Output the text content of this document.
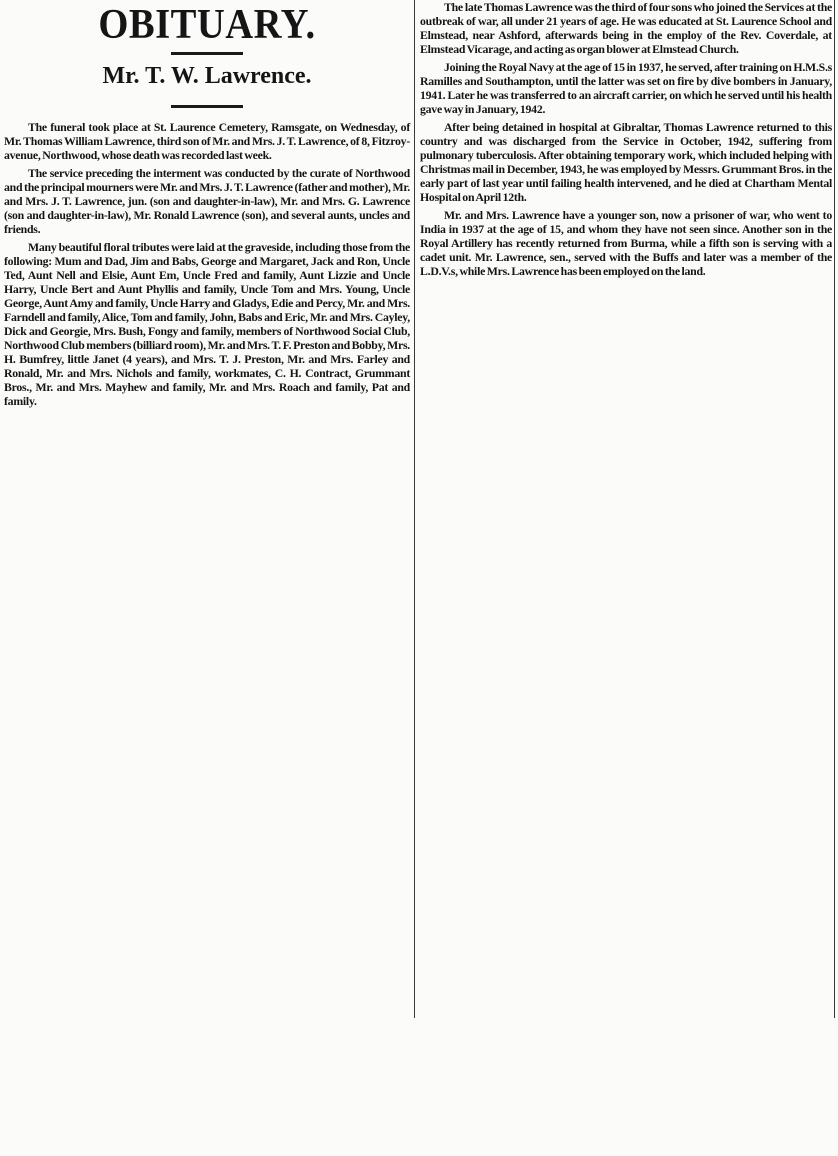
OBITUARY.
Mr. T. W. Lawrence.

The funeral took place at St. Laurence Cemetery, Ramsgate, on Wednesday, of Mr. Thomas William Lawrence, third son of Mr. and Mrs. J. T. Lawrence, of 8, Fitzroy-avenue, Northwood, whose death was recorded last week.

The service preceding the interment was conducted by the curate of Northwood and the principal mourners were Mr. and Mrs. J. T. Lawrence (father and mother), Mr. and Mrs. J. T. Lawrence, jun. (son and daughter-in-law), Mr. and Mrs. G. Lawrence (son and daughter-in-law), Mr. Ronald Lawrence (son), and several aunts, uncles and friends.

Many beautiful floral tributes were laid at the graveside, including those from the following: Mum and Dad, Jim and Babs, George and Margaret, Jack and Ron, Uncle Ted, Aunt Nell and Elsie, Aunt Em, Uncle Fred and family, Aunt Lizzie and Uncle Harry, Uncle Bert and Aunt Phyllis and family, Uncle Tom and Mrs. Young, Uncle George, Aunt Amy and family, Uncle Harry and Gladys, Edie and Percy, Mr. and Mrs. Farndell and family, Alice, Tom and family, John, Babs and Eric, Mr. and Mrs. Cayley, Dick and Georgie, Mrs. Bush, Fongy and family, members of Northwood Social Club, Northwood Club members (billiard room), Mr. and Mrs. T. F. Preston and Bobby, Mrs. H. Bumfrey, little Janet (4 years), and Mrs. T. J. Preston, Mr. and Mrs. Farley and Ronald, Mr. and Mrs. Nichols and family, workmates, C. H. Contract, Grummant Bros., Mr. and Mrs. Mayhew and family, Mr. and Mrs. Roach and family, Pat and family.

The late Thomas Lawrence was the third of four sons who joined the Services at the outbreak of war, all under 21 years of age. He was educated at St. Laurence School and Elmstead, near Ashford, afterwards being in the employ of the Rev. Coverdale, at Elmstead Vicarage, and acting as organ blower at Elmstead Church.

Joining the Royal Navy at the age of 15 in 1937, he served, after training on H.M.S.s Ramilles and Southampton, until the latter was set on fire by dive bombers in January, 1941. Later he was transferred to an aircraft carrier, on which he served until his health gave way in January, 1942.

After being detained in hospital at Gibraltar, Thomas Lawrence returned to this country and was discharged from the Service in October, 1942, suffering from pulmonary tuberculosis. After obtaining temporary work, which included helping with Christmas mail in December, 1943, he was employed by Messrs. Grummant Bros. in the early part of last year until failing health intervened, and he died at Chartham Mental Hospital on April 12th.

Mr. and Mrs. Lawrence have a younger son, now a prisoner of war, who went to India in 1937 at the age of 15, and whom they have not seen since. Another son in the Royal Artillery has recently returned from Burma, while a fifth son is serving with a cadet unit. Mr. Lawrence, sen., served with the Buffs and later was a member of the L.D.V.s, while Mrs. Lawrence has been employed on the land.
